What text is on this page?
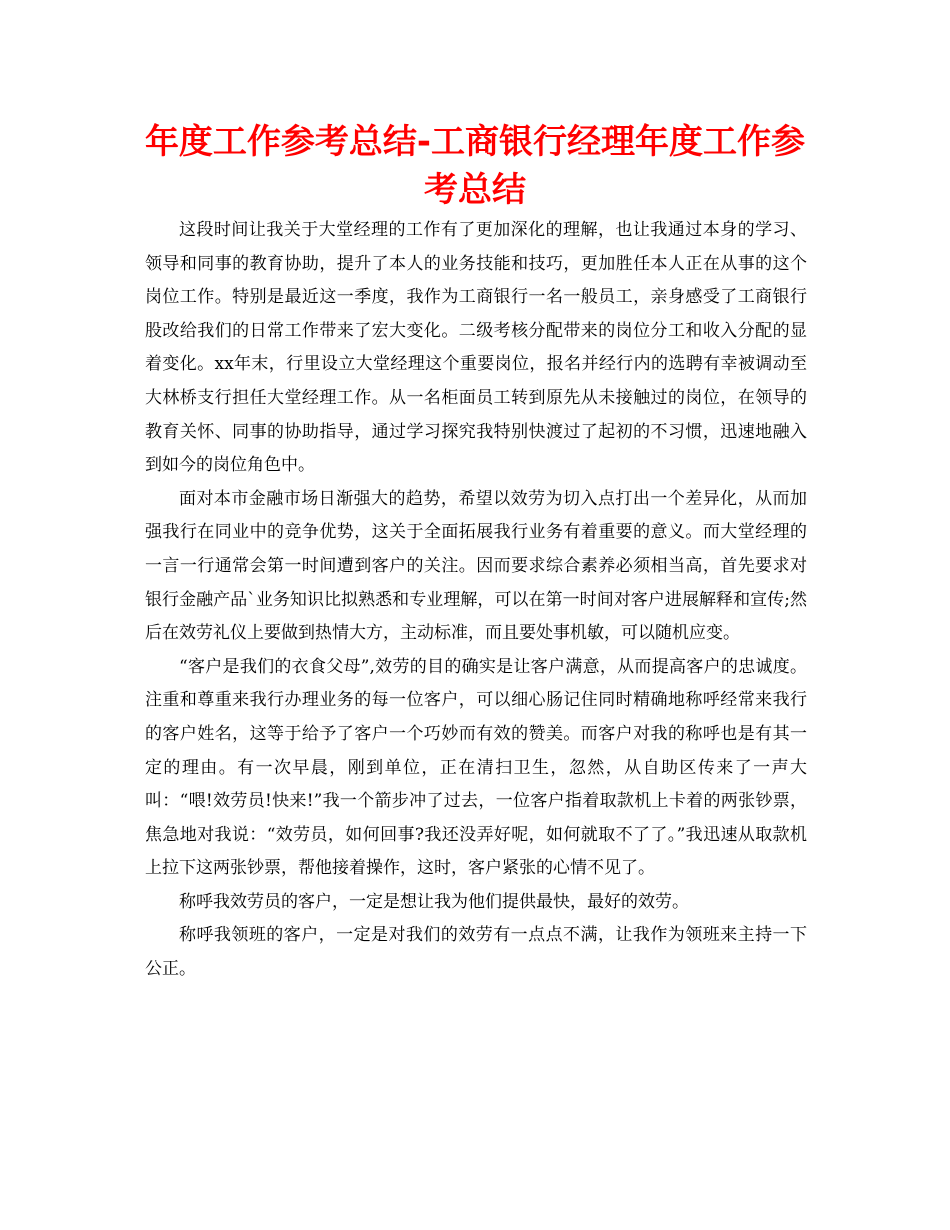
年度工作参考总结-工商银行经理年度工作参考总结

这段时间让我关于大堂经理的工作有了更加深化的理解，也让我通过本身的学习、领导和同事的教育协助，提升了本人的业务技能和技巧，更加胜任本人正在从事的这个岗位工作。特别是最近这一季度，我作为工商银行一名一般员工，亲身感受了工商银行股改给我们的日常工作带来了宏大变化。二级考核分配带来的岗位分工和收入分配的显着变化。xx年末，行里设立大堂经理这个重要岗位，报名并经行内的选聘有幸被调动至大林桥支行担任大堂经理工作。从一名柜面员工转到原先从未接触过的岗位，在领导的教育关怀、同事的协助指导，通过学习探究我特别快渡过了起初的不习惯，迅速地融入到如今的岗位角色中。

面对本市金融市场日渐强大的趋势，希望以效劳为切入点打出一个差异化，从而加强我行在同业中的竞争优势，这关于全面拓展我行业务有着重要的意义。而大堂经理的一言一行通常会第一时间遭到客户的关注。因而要求综合素养必须相当高，首先要求对银行金融产品`业务知识比拟熟悉和专业理解，可以在第一时间对客户进展解释和宣传;然后在效劳礼仪上要做到热情大方，主动标准，而且要处事机敏，可以随机应变。

“客户是我们的衣食父母”,效劳的目的确实是让客户满意，从而提高客户的忠诚度。注重和尊重来我行办理业务的每一位客户，可以细心肠记住同时精确地称呼经常来我行的客户姓名，这等于给予了客户一个巧妙而有效的赞美。而客户对我的称呼也是有其一定的理由。有一次早晨，刚到单位，正在清扫卫生，忽然，从自助区传来了一声大叫：“喂!效劳员!快来!”我一个箭步冲了过去，一位客户指着取款机上卡着的两张钞票，焦急地对我说：“效劳员，如何回事?我还没弄好呢，如何就取不了了。”我迅速从取款机上拉下这两张钞票，帮他接着操作，这时，客户紧张的心情不见了。

称呼我效劳员的客户，一定是想让我为他们提供最快，最好的效劳。

称呼我领班的客户，一定是对我们的效劳有一点点不满，让我作为领班来主持一下公正。
